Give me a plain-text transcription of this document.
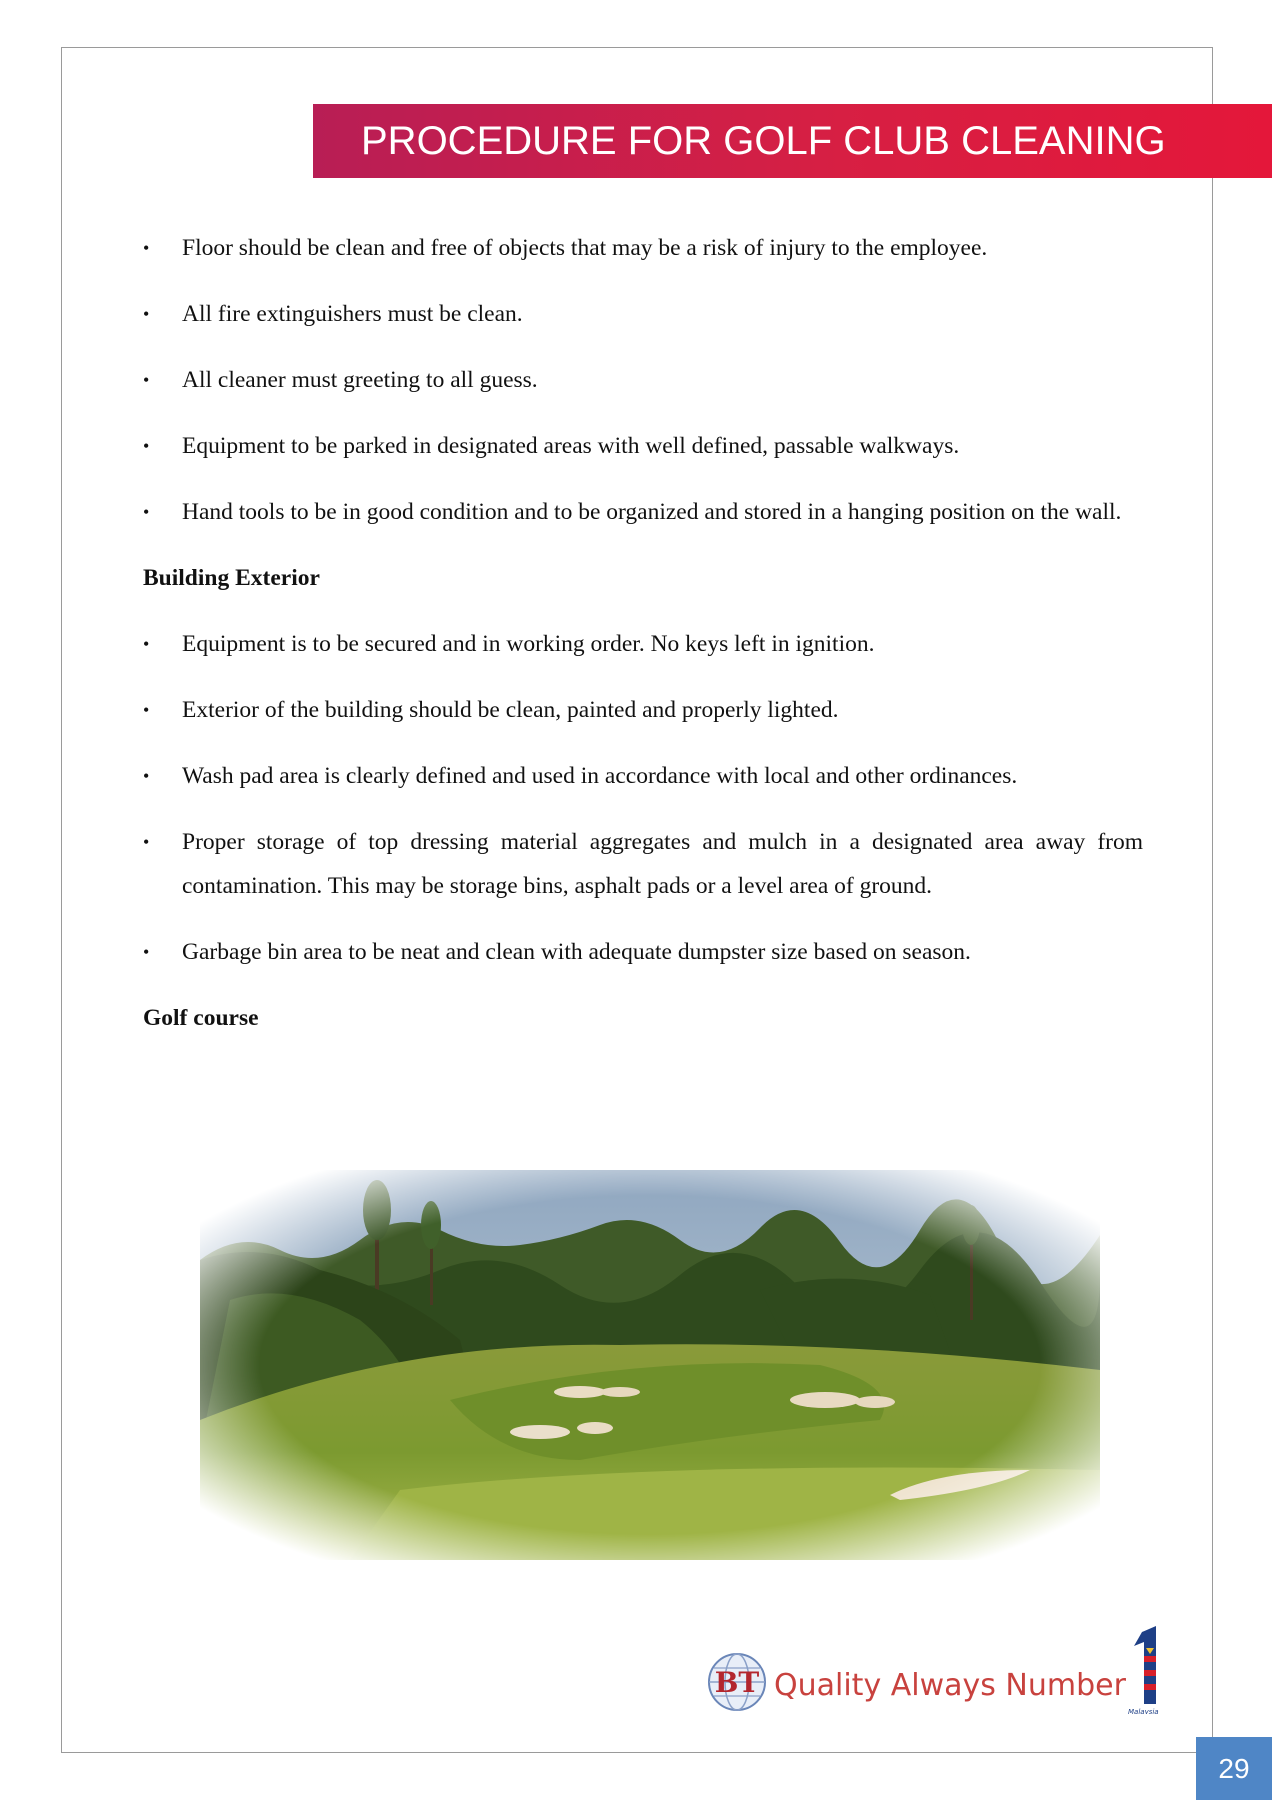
PROCEDURE FOR GOLF CLUB CLEANING
• Floor should be clean and free of objects that may be a risk of injury to the employee.
• All fire extinguishers must be clean.
• All cleaner must greeting to all guess.
• Equipment to be parked in designated areas with well defined, passable walkways.
• Hand tools to be in good condition and to be organized and stored in a hanging position on the wall.
Building Exterior
• Equipment is to be secured and in working order. No keys left in ignition.
• Exterior of the building should be clean, painted and properly lighted.
• Wash pad area is clearly defined and used in accordance with local and other ordinances.
• Proper storage of top dressing material aggregates and mulch in a designated area away from contamination. This may be storage bins, asphalt pads or a level area of ground.
• Garbage bin area to be neat and clean with adequate dumpster size based on season.
Golf course
BT
Malaysia
Quality Always Number
29
